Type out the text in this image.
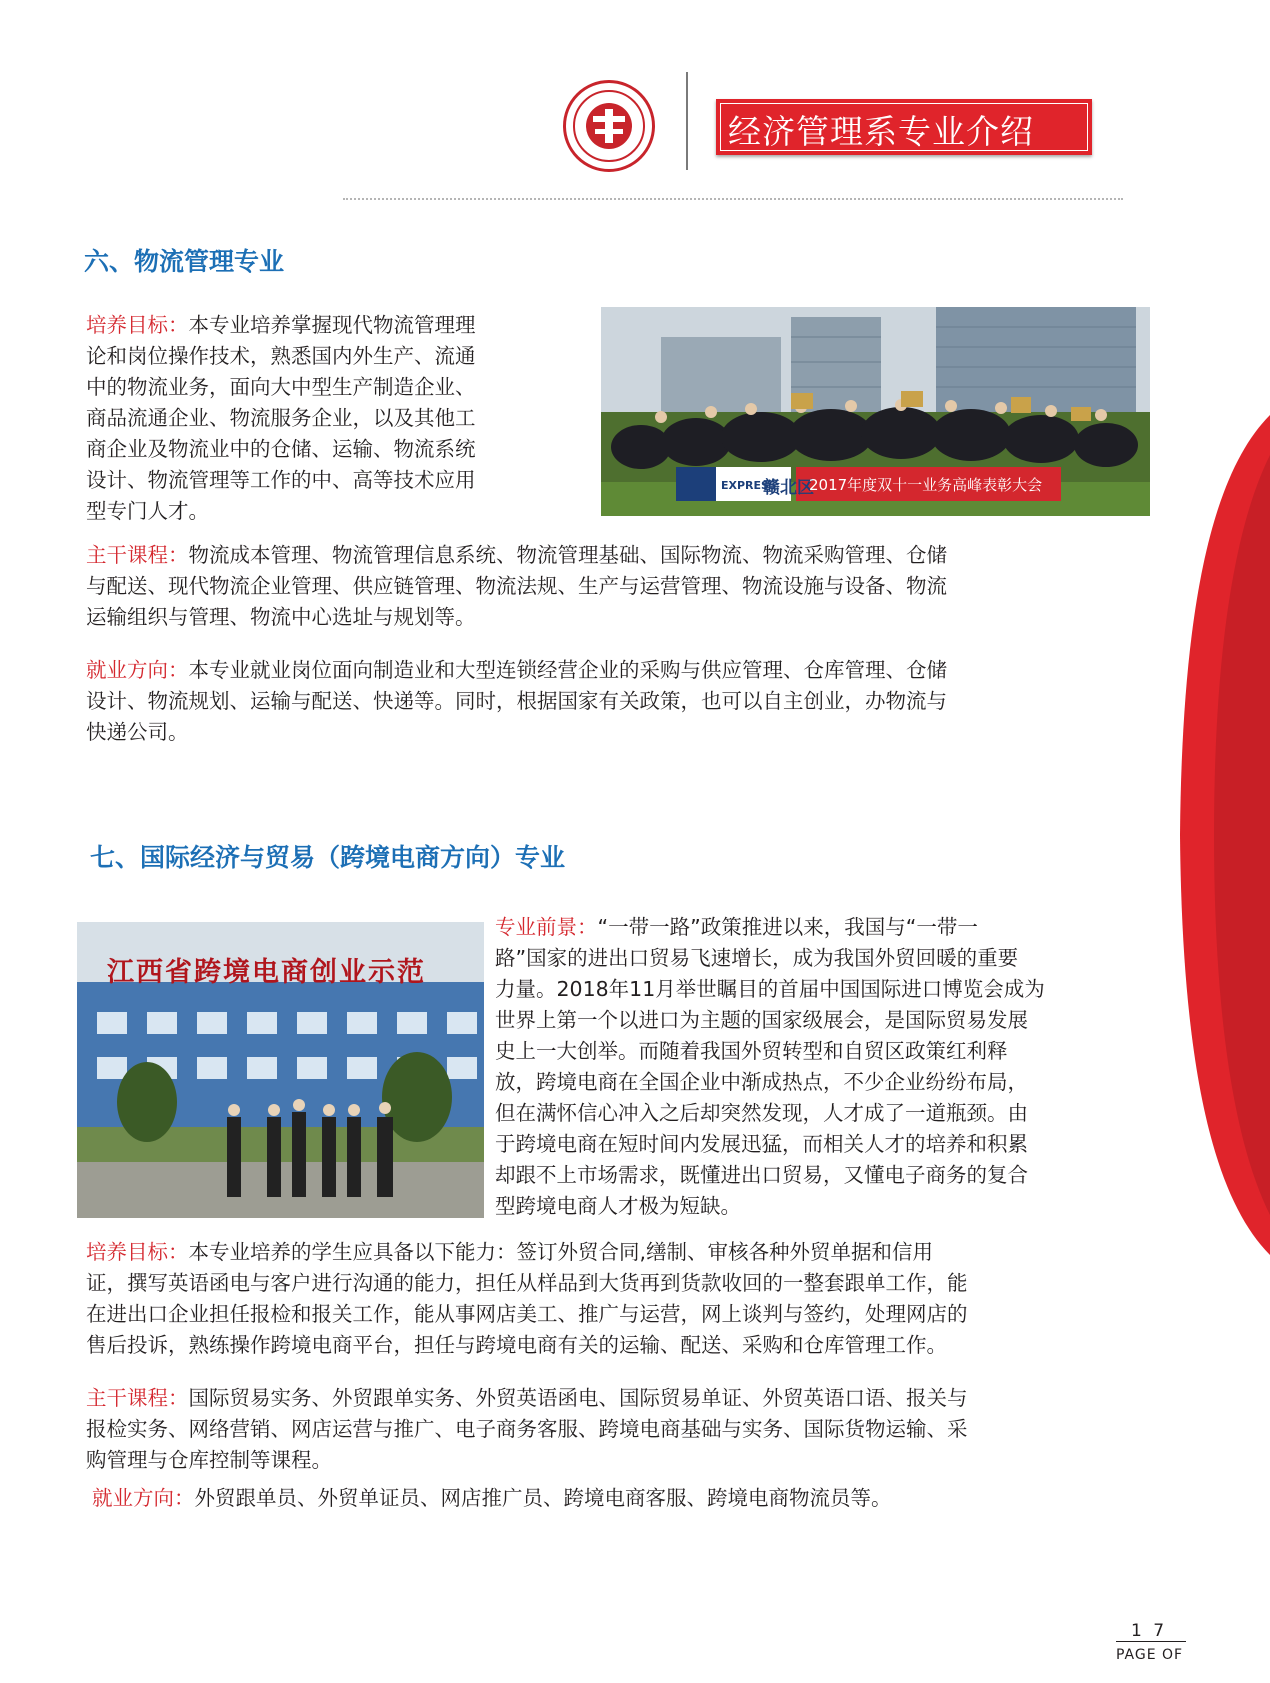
经济管理系专业介绍
六、物流管理专业
培养目标：本专业培养掌握现代物流管理理
论和岗位操作技术，熟悉国内外生产、流通
中的物流业务，面向大中型生产制造企业、
商品流通企业、物流服务企业，以及其他工
商企业及物流业中的仓储、运输、物流系统
设计、物流管理等工作的中、高等技术应用
型专门人才。
EXPRESS
赣北区
2017年度双十一业务高峰表彰大会
主干课程：物流成本管理、物流管理信息系统、物流管理基础、国际物流、物流采购管理、仓储
与配送、现代物流企业管理、供应链管理、物流法规、生产与运营管理、物流设施与设备、物流
运输组织与管理、物流中心选址与规划等。
就业方向：本专业就业岗位面向制造业和大型连锁经营企业的采购与供应管理、仓库管理、仓储
设计、物流规划、运输与配送、快递等。同时，根据国家有关政策，也可以自主创业，办物流与
快递公司。
七、国际经济与贸易（跨境电商方向）专业
江西省跨境电商创业示范
专业前景：“一带一路”政策推进以来，我国与“一带一
路”国家的进出口贸易飞速增长，成为我国外贸回暖的重要
力量。2018年11月举世瞩目的首届中国国际进口博览会成为
世界上第一个以进口为主题的国家级展会，是国际贸易发展
史上一大创举。而随着我国外贸转型和自贸区政策红利释
放，跨境电商在全国企业中渐成热点，不少企业纷纷布局，
但在满怀信心冲入之后却突然发现，人才成了一道瓶颈。由
于跨境电商在短时间内发展迅猛，而相关人才的培养和积累
却跟不上市场需求，既懂进出口贸易，又懂电子商务的复合
型跨境电商人才极为短缺。
培养目标：本专业培养的学生应具备以下能力：签订外贸合同,缮制、审核各种外贸单据和信用
证，撰写英语函电与客户进行沟通的能力，担任从样品到大货再到货款收回的一整套跟单工作，能
在进出口企业担任报检和报关工作，能从事网店美工、推广与运营，网上谈判与签约，处理网店的
售后投诉，熟练操作跨境电商平台，担任与跨境电商有关的运输、配送、采购和仓库管理工作。
主干课程：国际贸易实务、外贸跟单实务、外贸英语函电、国际贸易单证、外贸英语口语、报关与
报检实务、网络营销、网店运营与推广、电子商务客服、跨境电商基础与实务、国际货物运输、采
购管理与仓库控制等课程。
就业方向：外贸跟单员、外贸单证员、网店推广员、跨境电商客服、跨境电商物流员等。
1 7
PAGE OF
